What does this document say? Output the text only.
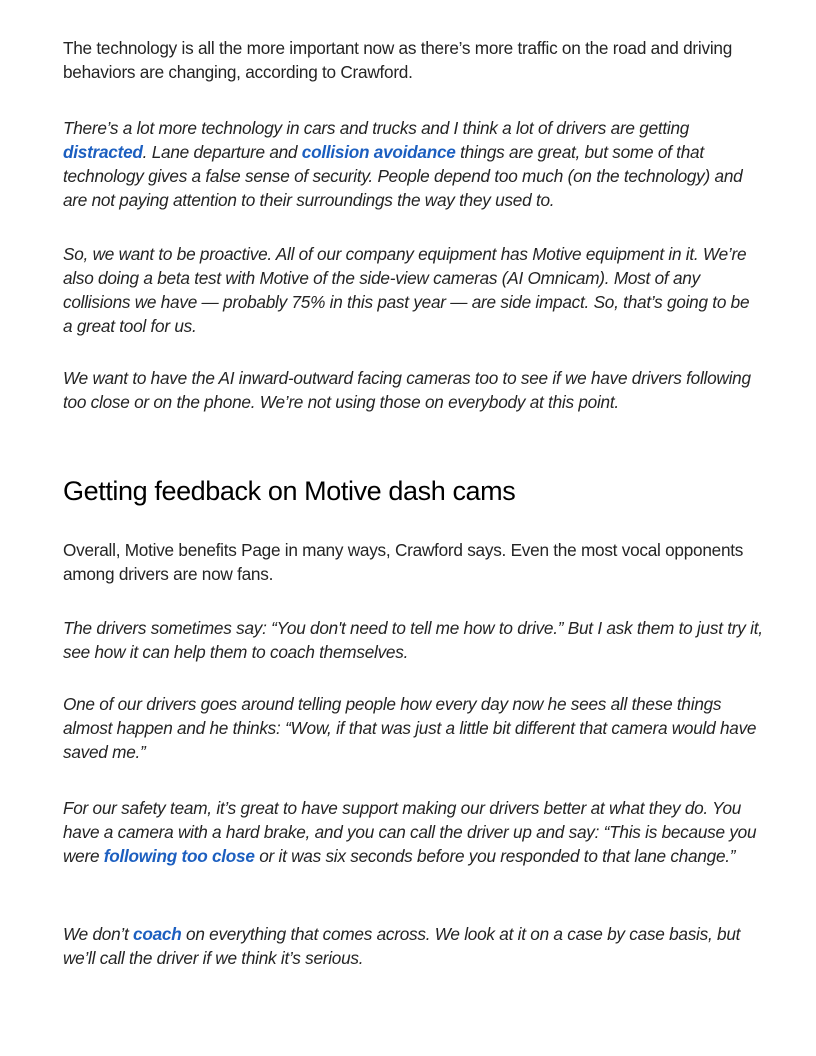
The technology is all the more important now as there’s more traffic on the road and driving behaviors are changing, according to Crawford.

There’s a lot more technology in cars and trucks and I think a lot of drivers are getting distracted. Lane departure and collision avoidance things are great, but some of that technology gives a false sense of security. People depend too much (on the technology) and are not paying attention to their surroundings the way they used to.

So, we want to be proactive. All of our company equipment has Motive equipment in it. We’re also doing a beta test with Motive of the side-view cameras (AI Omnicam). Most of any collisions we have — probably 75% in this past year — are side impact. So, that’s going to be a great tool for us.

We want to have the AI inward-outward facing cameras too to see if we have drivers following too close or on the phone. We’re not using those on everybody at this point.

Getting feedback on Motive dash cams

Overall, Motive benefits Page in many ways, Crawford says. Even the most vocal opponents among drivers are now fans.

The drivers sometimes say: “You don't need to tell me how to drive.” But I ask them to just try it, see how it can help them to coach themselves.

One of our drivers goes around telling people how every day now he sees all these things almost happen and he thinks: “Wow, if that was just a little bit different that camera would have saved me.”

For our safety team, it’s great to have support making our drivers better at what they do. You have a camera with a hard brake, and you can call the driver up and say: “This is because you were following too close or it was six seconds before you responded to that lane change.”

We don’t coach on everything that comes across. We look at it on a case by case basis, but we’ll call the driver if we think it’s serious.
